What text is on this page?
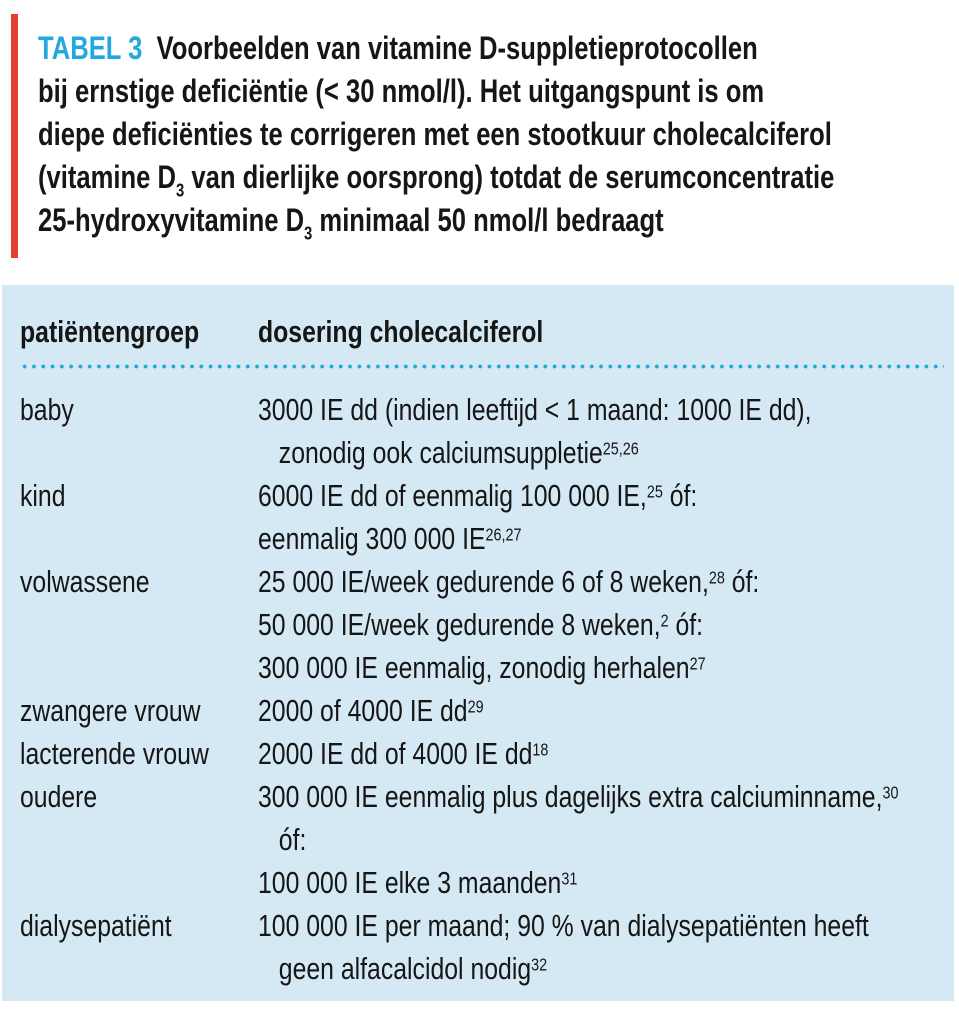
TABEL 3  Voorbeelden van vitamine D-suppletieprotocollen
bij ernstige deficiëntie (< 30 nmol/l). Het uitgangspunt is om
diepe deficiënties te corrigeren met een stootkuur cholecalciferol
(vitamine $D_3$ van dierlijke oorsprong) totdat de serumconcentratie
25-hydroxyvitamine $D_3$ minimaal 50 nmol/l bedraagt
patiëntengroep	dosering cholecalciferol
baby	3000 IE dd (indien leeftijd < 1 maand: 1000 IE dd),
zonodig ook calciumsuppletie$^{25,26}$
kind	6000 IE dd of eenmalig 100 000 IE,$^{25}$ óf:
eenmalig 300 000 IE$^{26,27}$
volwassene	25 000 IE/week gedurende 6 of 8 weken,$^{28}$ óf:
50 000 IE/week gedurende 8 weken,$^2$ óf:
300 000 IE eenmalig, zonodig herhalen$^{27}$
zwangere vrouw	2000 of 4000 IE $dd^{29}$
lacterende vrouw 2000 IE dd of 4000 IE $dd^{18}$
oudere	300 000 IE eenmalig plus dagelijks extra calciuminname,$^{30}$
óf:
100 000 IE elke 3 maanden$^{31}$
dialysepatiënt	100 000 IE per maand; 90 % van dialysepatiënten heeft
geen alfacalcidol nodig$^{32}$
